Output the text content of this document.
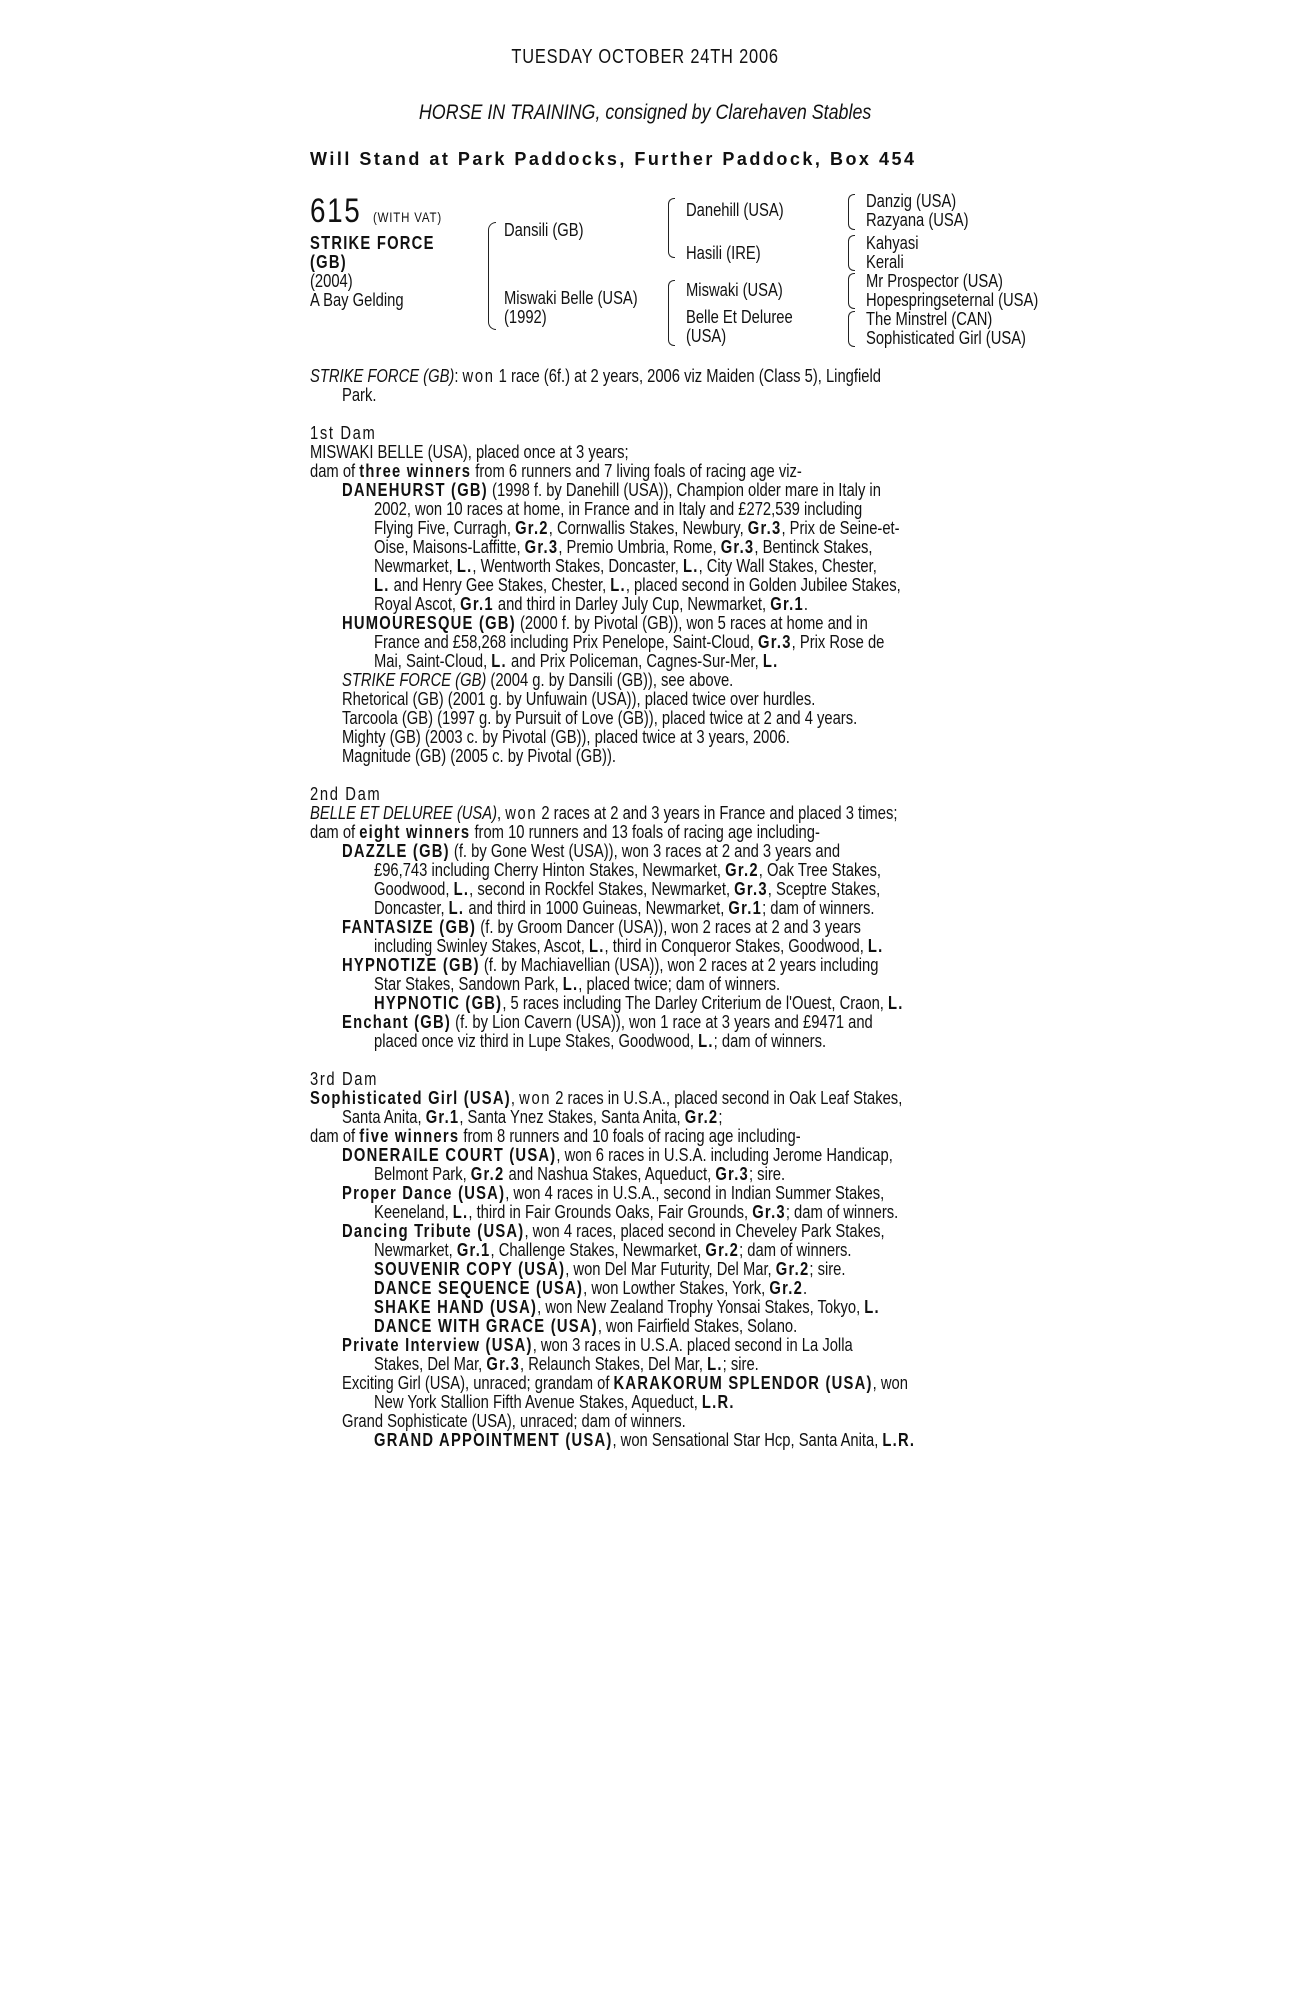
TUESDAY OCTOBER 24TH 2006
HORSE IN TRAINING, consigned by Clarehaven Stables
Will Stand at Park Paddocks, Further Paddock, Box 454
615 (WITH VAT)
STRIKE FORCE
(GB)
(2004)
A Bay Gelding
Dansili (GB)
Miswaki Belle (USA)
(1992)
Danehill (USA)
Hasili (IRE)
Miswaki (USA)
Belle Et Deluree
(USA)
Danzig (USA)
Razyana (USA)
Kahyasi
Kerali
Mr Prospector (USA)
Hopespringseternal (USA)
The Minstrel (CAN)
Sophisticated Girl (USA)
STRIKE FORCE (GB): won 1 race (6f.) at 2 years, 2006 viz Maiden (Class 5), Lingfield
Park.
1st Dam
MISWAKI BELLE (USA), placed once at 3 years;
dam of three winners from 6 runners and 7 living foals of racing age viz-
DANEHURST (GB) (1998 f. by Danehill (USA)), Champion older mare in Italy in
2002, won 10 races at home, in France and in Italy and £272,539 including
Flying Five, Curragh, Gr.2, Cornwallis Stakes, Newbury, Gr.3, Prix de Seine-et-
Oise, Maisons-Laffitte, Gr.3, Premio Umbria, Rome, Gr.3, Bentinck Stakes,
Newmarket, L., Wentworth Stakes, Doncaster, L., City Wall Stakes, Chester,
L. and Henry Gee Stakes, Chester, L., placed second in Golden Jubilee Stakes,
Royal Ascot, Gr.1 and third in Darley July Cup, Newmarket, Gr.1.
HUMOURESQUE (GB) (2000 f. by Pivotal (GB)), won 5 races at home and in
France and £58,268 including Prix Penelope, Saint-Cloud, Gr.3, Prix Rose de
Mai, Saint-Cloud, L. and Prix Policeman, Cagnes-Sur-Mer, L.
STRIKE FORCE (GB) (2004 g. by Dansili (GB)), see above.
Rhetorical (GB) (2001 g. by Unfuwain (USA)), placed twice over hurdles.
Tarcoola (GB) (1997 g. by Pursuit of Love (GB)), placed twice at 2 and 4 years.
Mighty (GB) (2003 c. by Pivotal (GB)), placed twice at 3 years, 2006.
Magnitude (GB) (2005 c. by Pivotal (GB)).
2nd Dam
BELLE ET DELUREE (USA), won 2 races at 2 and 3 years in France and placed 3 times;
dam of eight winners from 10 runners and 13 foals of racing age including-
DAZZLE (GB) (f. by Gone West (USA)), won 3 races at 2 and 3 years and
£96,743 including Cherry Hinton Stakes, Newmarket, Gr.2, Oak Tree Stakes,
Goodwood, L., second in Rockfel Stakes, Newmarket, Gr.3, Sceptre Stakes,
Doncaster, L. and third in 1000 Guineas, Newmarket, Gr.1; dam of winners.
FANTASIZE (GB) (f. by Groom Dancer (USA)), won 2 races at 2 and 3 years
including Swinley Stakes, Ascot, L., third in Conqueror Stakes, Goodwood, L.
HYPNOTIZE (GB) (f. by Machiavellian (USA)), won 2 races at 2 years including
Star Stakes, Sandown Park, L., placed twice; dam of winners.
HYPNOTIC (GB), 5 races including The Darley Criterium de l'Ouest, Craon, L.
Enchant (GB) (f. by Lion Cavern (USA)), won 1 race at 3 years and £9471 and
placed once viz third in Lupe Stakes, Goodwood, L.; dam of winners.
3rd Dam
Sophisticated Girl (USA), won 2 races in U.S.A., placed second in Oak Leaf Stakes,
Santa Anita, Gr.1, Santa Ynez Stakes, Santa Anita, Gr.2;
dam of five winners from 8 runners and 10 foals of racing age including-
DONERAILE COURT (USA), won 6 races in U.S.A. including Jerome Handicap,
Belmont Park, Gr.2 and Nashua Stakes, Aqueduct, Gr.3; sire.
Proper Dance (USA), won 4 races in U.S.A., second in Indian Summer Stakes,
Keeneland, L., third in Fair Grounds Oaks, Fair Grounds, Gr.3; dam of winners.
Dancing Tribute (USA), won 4 races, placed second in Cheveley Park Stakes,
Newmarket, Gr.1, Challenge Stakes, Newmarket, Gr.2; dam of winners.
SOUVENIR COPY (USA), won Del Mar Futurity, Del Mar, Gr.2; sire.
DANCE SEQUENCE (USA), won Lowther Stakes, York, Gr.2.
SHAKE HAND (USA), won New Zealand Trophy Yonsai Stakes, Tokyo, L.
DANCE WITH GRACE (USA), won Fairfield Stakes, Solano.
Private Interview (USA), won 3 races in U.S.A. placed second in La Jolla
Stakes, Del Mar, Gr.3, Relaunch Stakes, Del Mar, L.; sire.
Exciting Girl (USA), unraced; grandam of KARAKORUM SPLENDOR (USA), won
New York Stallion Fifth Avenue Stakes, Aqueduct, L.R.
Grand Sophisticate (USA), unraced; dam of winners.
GRAND APPOINTMENT (USA), won Sensational Star Hcp, Santa Anita, L.R.
